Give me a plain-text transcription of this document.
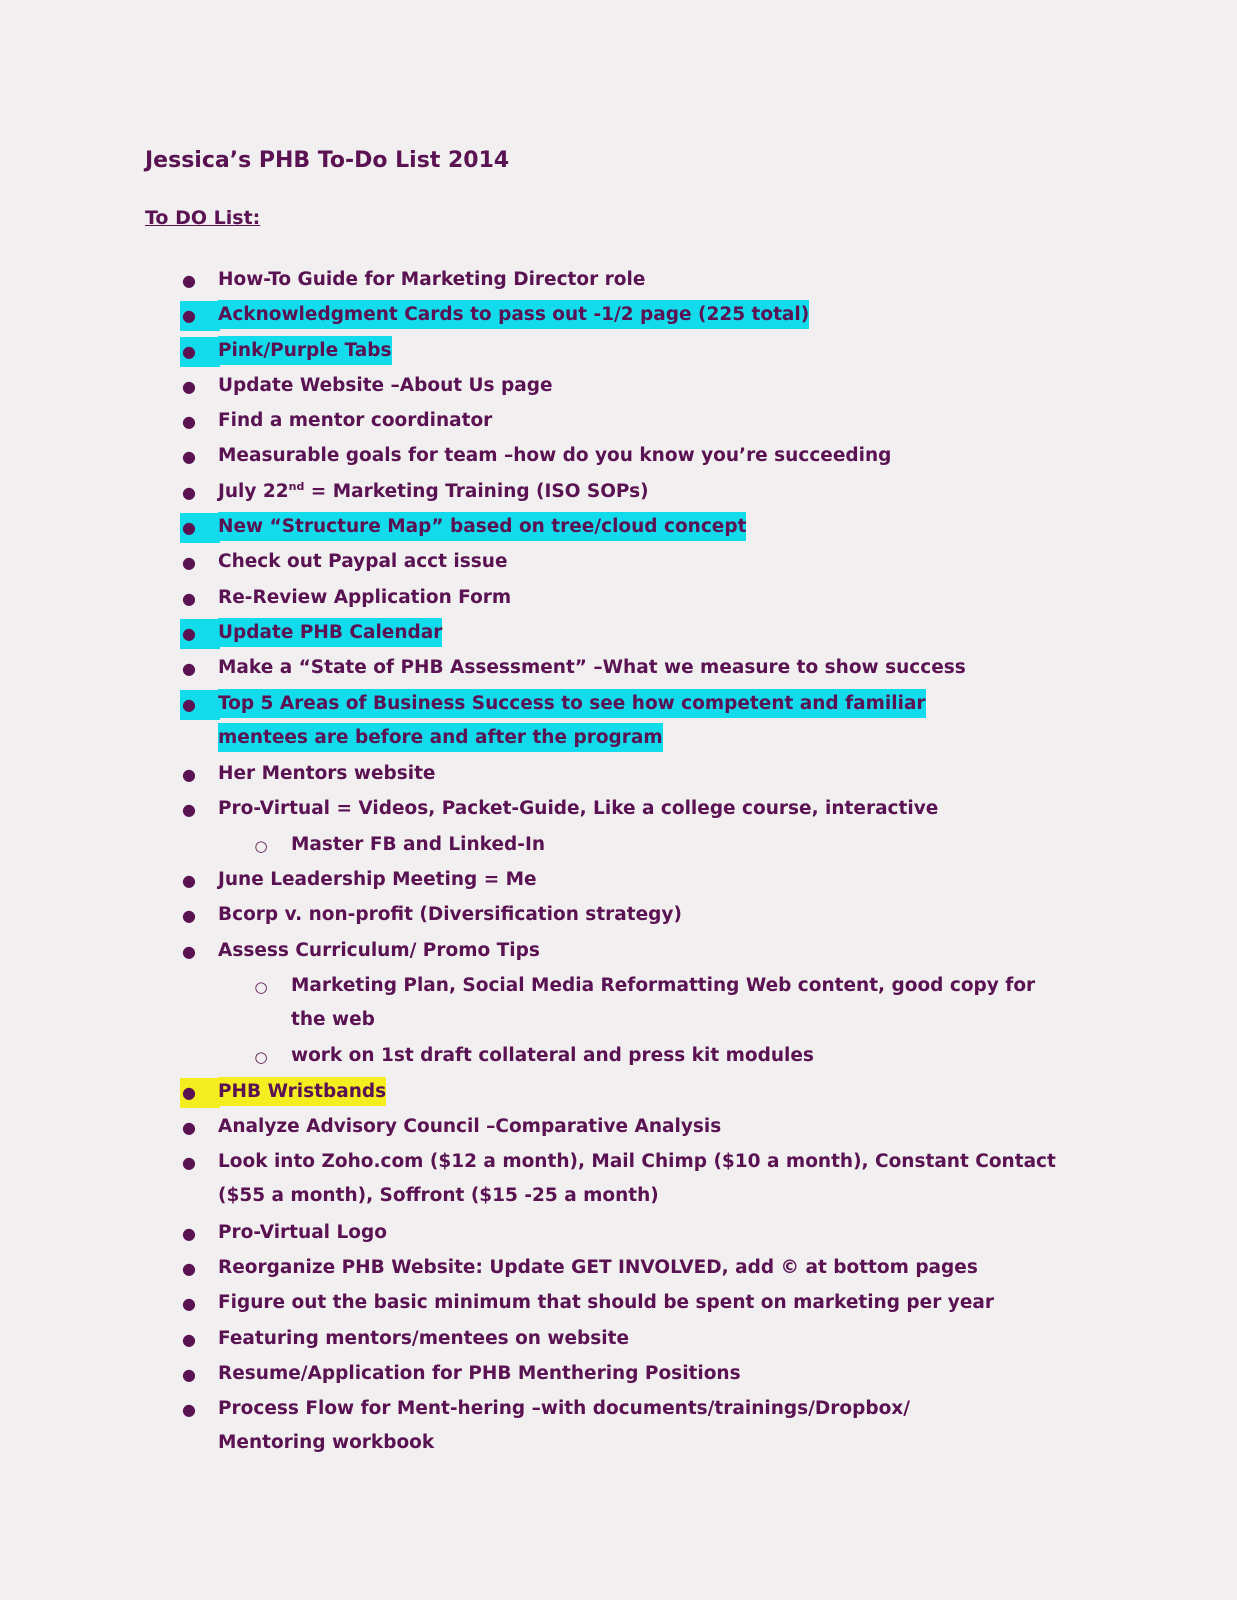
Jessica’s PHB To-Do List 2014
To DO List:
● How-To Guide for Marketing Director role
● Acknowledgment Cards to pass out -1/2 page (225 total)
● Pink/Purple Tabs
● Update Website –About Us page
● Find a mentor coordinator
● Measurable goals for team –how do you know you’re succeeding
● July 22nd = Marketing Training (ISO SOPs)
● New “Structure Map” based on tree/cloud concept
● Check out Paypal acct issue
● Re-Review Application Form
● Update PHB Calendar
● Make a “State of PHB Assessment” –What we measure to show success
● Top 5 Areas of Business Success to see how competent and familiar mentees are before and after the program
● Her Mentors website
● Pro-Virtual = Videos, Packet-Guide, Like a college course, interactive
○ Master FB and Linked-In
● June Leadership Meeting = Me
● Bcorp v. non-profit (Diversification strategy)
● Assess Curriculum/ Promo Tips
○ Marketing Plan, Social Media Reformatting Web content, good copy for the web
○ work on 1st draft collateral and press kit modules
● PHB Wristbands
● Analyze Advisory Council –Comparative Analysis
● Look into Zoho.com ($12 a month), Mail Chimp ($10 a month), Constant Contact ($55 a month), Soffront ($15 -25 a month)
● Pro-Virtual Logo
● Reorganize PHB Website: Update GET INVOLVED, add © at bottom pages
● Figure out the basic minimum that should be spent on marketing per year
● Featuring mentors/mentees on website
● Resume/Application for PHB Menthering Positions
● Process Flow for Ment-hering –with documents/trainings/Dropbox/ Mentoring workbook
